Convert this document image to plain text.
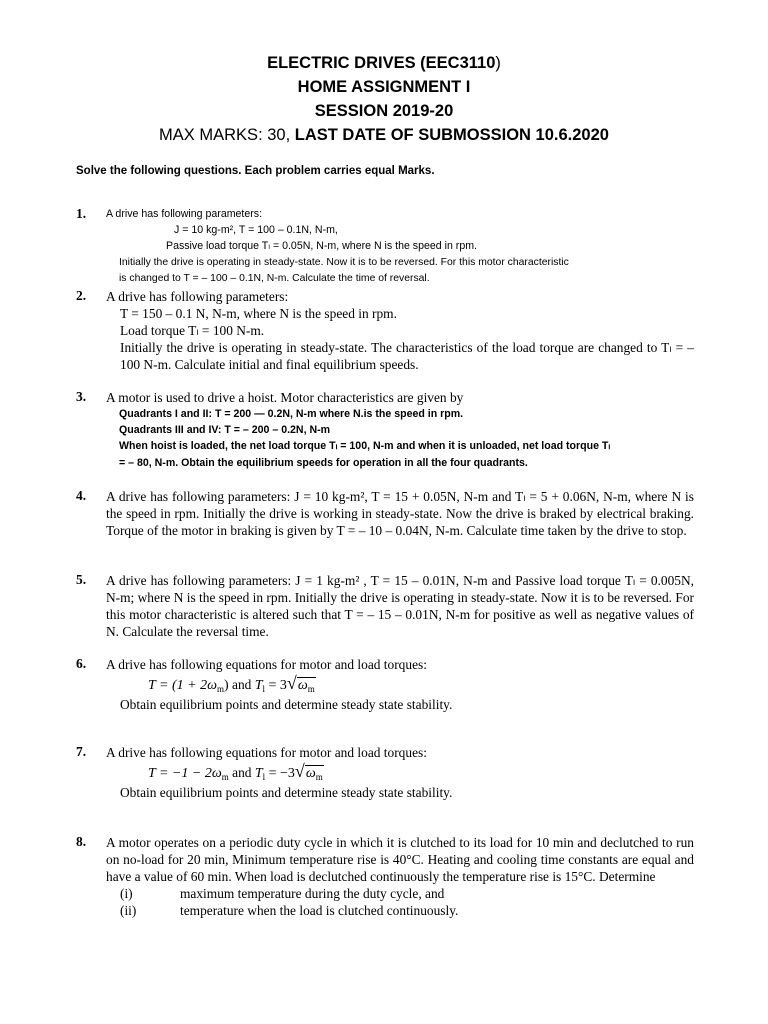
ELECTRIC DRIVES (EEC3110)
HOME ASSIGNMENT I
SESSION 2019-20
MAX MARKS: 30, LAST DATE OF SUBMOSSION 10.6.2020
Solve the following questions. Each problem carries equal Marks.
1. A drive has following parameters:
J = 10 kg-m², T = 100 – 0.1N, N-m,
Passive load torque Tₗ = 0.05N, N-m, where N is the speed in rpm.
Initially the drive is operating in steady-state. Now it is to be reversed. For this motor characteristic
is changed to T = – 100 – 0.1N, N-m. Calculate the time of reversal.
2. A drive has following parameters:
T = 150 – 0.1 N, N-m, where N is the speed in rpm.
Load torque Tₗ = 100 N-m.
Initially the drive is operating in steady-state. The characteristics of the load torque are changed to Tₗ = – 100 N-m. Calculate initial and final equilibrium speeds.
3. A motor is used to drive a hoist. Motor characteristics are given by
Quadrants I and II: T = 200 — 0.2N, N-m where N.is the speed in rpm.
Quadrants III and IV: T = – 200 – 0.2N, N-m
When hoist is loaded, the net load torque Tₗ = 100, N-m and when it is unloaded, net load torque Tₗ
= – 80, N-m. Obtain the equilibrium speeds for operation in all the four quadrants.
4. A drive has following parameters: J = 10 kg-m², T = 15 + 0.05N, N-m and Tₗ = 5 + 0.06N, N-m, where N is the speed in rpm. Initially the drive is working in steady-state. Now the drive is braked by electrical braking. Torque of the motor in braking is given by T = – 10 – 0.04N, N-m. Calculate time taken by the drive to stop.
5. A drive has following parameters: J = 1 kg-m² , T = 15 – 0.01N, N-m and Passive load torque Tₗ = 0.005N, N-m; where N is the speed in rpm. Initially the drive is operating in steady-state. Now it is to be reversed. For this motor characteristic is altered such that T = – 15 – 0.01N, N-m for positive as well as negative values of N. Calculate the reversal time.
6. A drive has following equations for motor and load torques:
$T = (1 + 2\omega_m)$ and $T_l = 3√\omega_m$
Obtain equilibrium points and determine steady state stability.
7. A drive has following equations for motor and load torques:
$T = -1 - 2\omega_m$ and $T_l = -3√\omega_m$
Obtain equilibrium points and determine steady state stability.
8. A motor operates on a periodic duty cycle in which it is clutched to its load for 10 min and declutched to run on no-load for 20 min, Minimum temperature rise is 40°C. Heating and cooling time constants are equal and have a value of 60 min. When load is declutched continuously the temperature rise is 15°C. Determine
(i)	maximum temperature during the duty cycle, and
(ii)	temperature when the load is clutched continuously.
